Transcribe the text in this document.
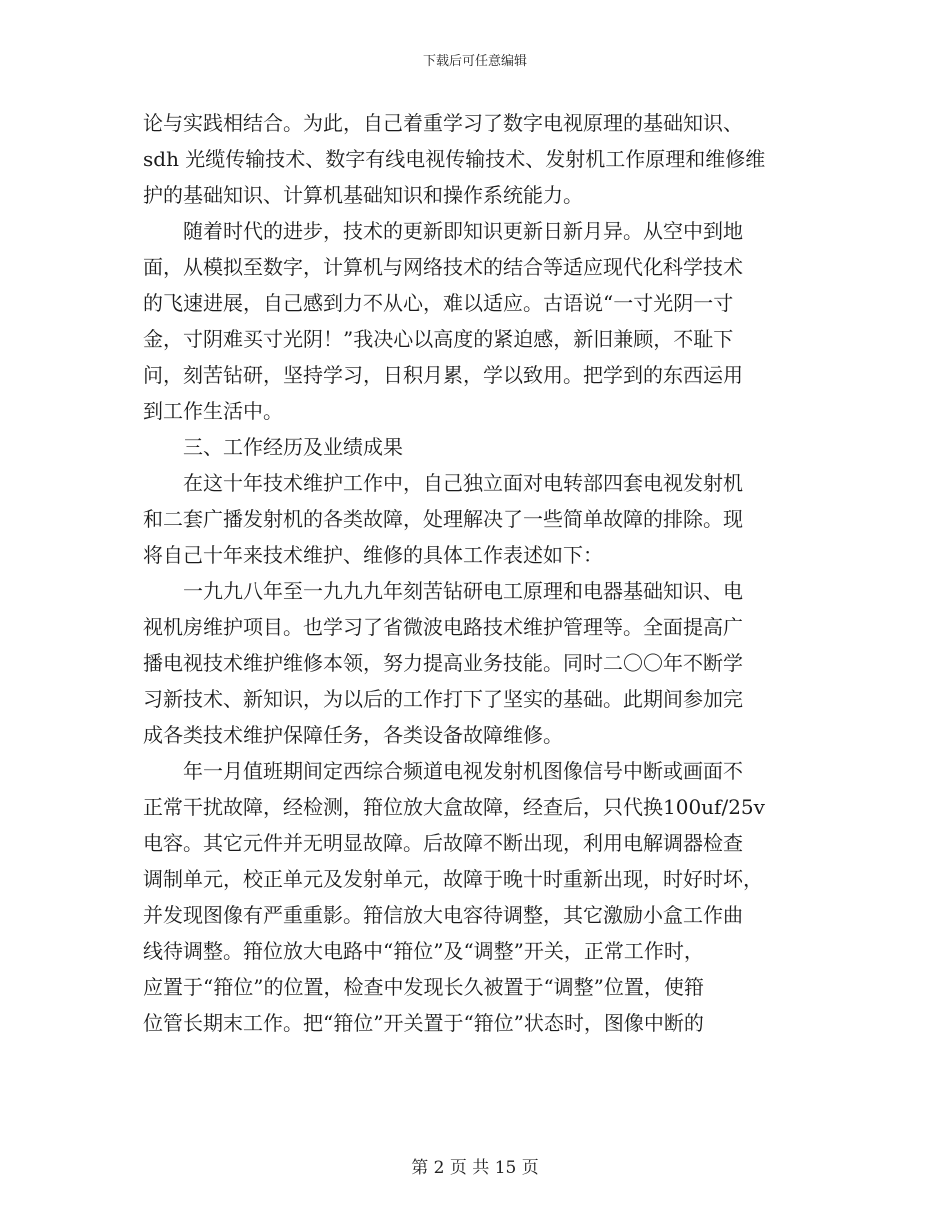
下载后可任意编辑

论与实践相结合。为此，自己着重学习了数字电视原理的基础知识、
sdh 光缆传输技术、数字有线电视传输技术、发射机工作原理和维修维
护的基础知识、计算机基础知识和操作系统能力。

随着时代的进步，技术的更新即知识更新日新月异。从空中到地
面，从模拟至数字，计算机与网络技术的结合等适应现代化科学技术
的飞速进展，自己感到力不从心，难以适应。古语说“一寸光阴一寸
金，寸阴难买寸光阴！”我决心以高度的紧迫感，新旧兼顾，不耻下
问，刻苦钻研，坚持学习，日积月累，学以致用。把学到的东西运用
到工作生活中。

三、工作经历及业绩成果

在这十年技术维护工作中，自己独立面对电转部四套电视发射机
和二套广播发射机的各类故障，处理解决了一些简单故障的排除。现
将自己十年来技术维护、维修的具体工作表述如下：

一九九八年至一九九九年刻苦钻研电工原理和电器基础知识、电
视机房维护项目。也学习了省微波电路技术维护管理等。全面提高广
播电视技术维护维修本领，努力提高业务技能。同时二〇〇年不断学
习新技术、新知识，为以后的工作打下了坚实的基础。此期间参加完
成各类技术维护保障任务，各类设备故障维修。

年一月值班期间定西综合频道电视发射机图像信号中断或画面不
正常干扰故障，经检测，箝位放大盒故障，经查后，只代换100uf/25v
电容。其它元件并无明显故障。后故障不断出现，利用电解调器检查
调制单元，校正单元及发射单元，故障于晚十时重新出现，时好时坏，
并发现图像有严重重影。箝信放大电容待调整，其它激励小盒工作曲
线待调整。箝位放大电路中“箝位”及“调整”开关，正常工作时，
应置于“箝位”的位置，检查中发现长久被置于“调整”位置，使箝
位管长期末工作。把“箝位”开关置于“箝位”状态时，图像中断的

第 2 页 共 15 页
